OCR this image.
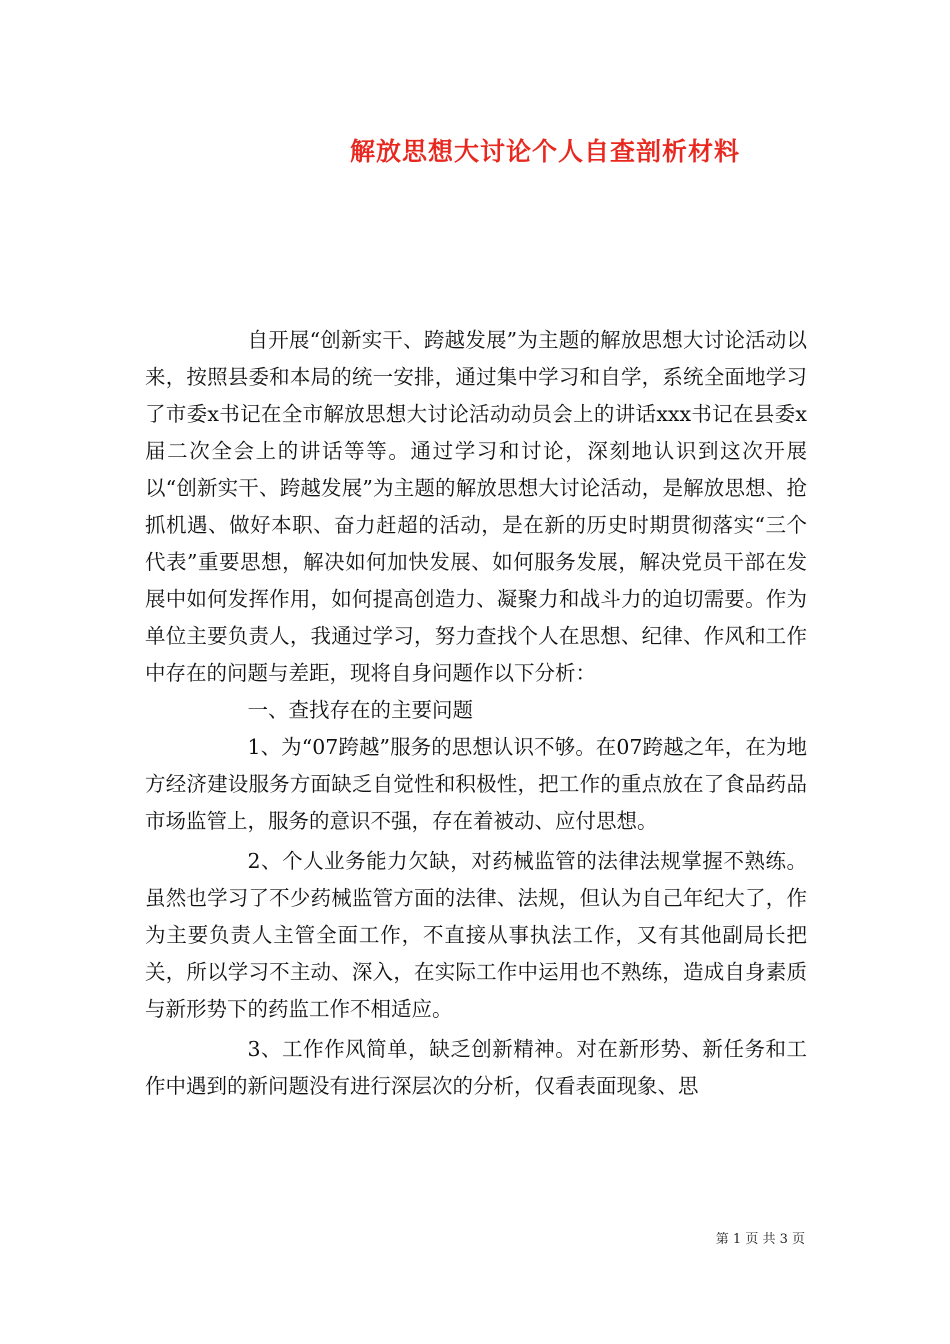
解放思想大讨论个人自查剖析材料

自开展“创新实干、跨越发展”为主题的解放思想大讨论活动以来，按照县委和本局的统一安排，通过集中学习和自学，系统全面地学习了市委x书记在全市解放思想大讨论活动动员会上的讲话xxx书记在县委x届二次全会上的讲话等等。通过学习和讨论，深刻地认识到这次开展以“创新实干、跨越发展”为主题的解放思想大讨论活动，是解放思想、抢抓机遇、做好本职、奋力赶超的活动，是在新的历史时期贯彻落实“三个代表”重要思想，解决如何加快发展、如何服务发展，解决党员干部在发展中如何发挥作用，如何提高创造力、凝聚力和战斗力的迫切需要。作为单位主要负责人，我通过学习，努力查找个人在思想、纪律、作风和工作中存在的问题与差距，现将自身问题作以下分析：

一、查找存在的主要问题

1、为“07跨越”服务的思想认识不够。在07跨越之年，在为地方经济建设服务方面缺乏自觉性和积极性，把工作的重点放在了食品药品市场监管上，服务的意识不强，存在着被动、应付思想。

2、个人业务能力欠缺，对药械监管的法律法规掌握不熟练。虽然也学习了不少药械监管方面的法律、法规，但认为自己年纪大了，作为主要负责人主管全面工作，不直接从事执法工作，又有其他副局长把关，所以学习不主动、深入，在实际工作中运用也不熟练，造成自身素质与新形势下的药监工作不相适应。

3、工作作风简单，缺乏创新精神。对在新形势、新任务和工作中遇到的新问题没有进行深层次的分析，仅看表面现象、思

第 1 页 共 3 页
